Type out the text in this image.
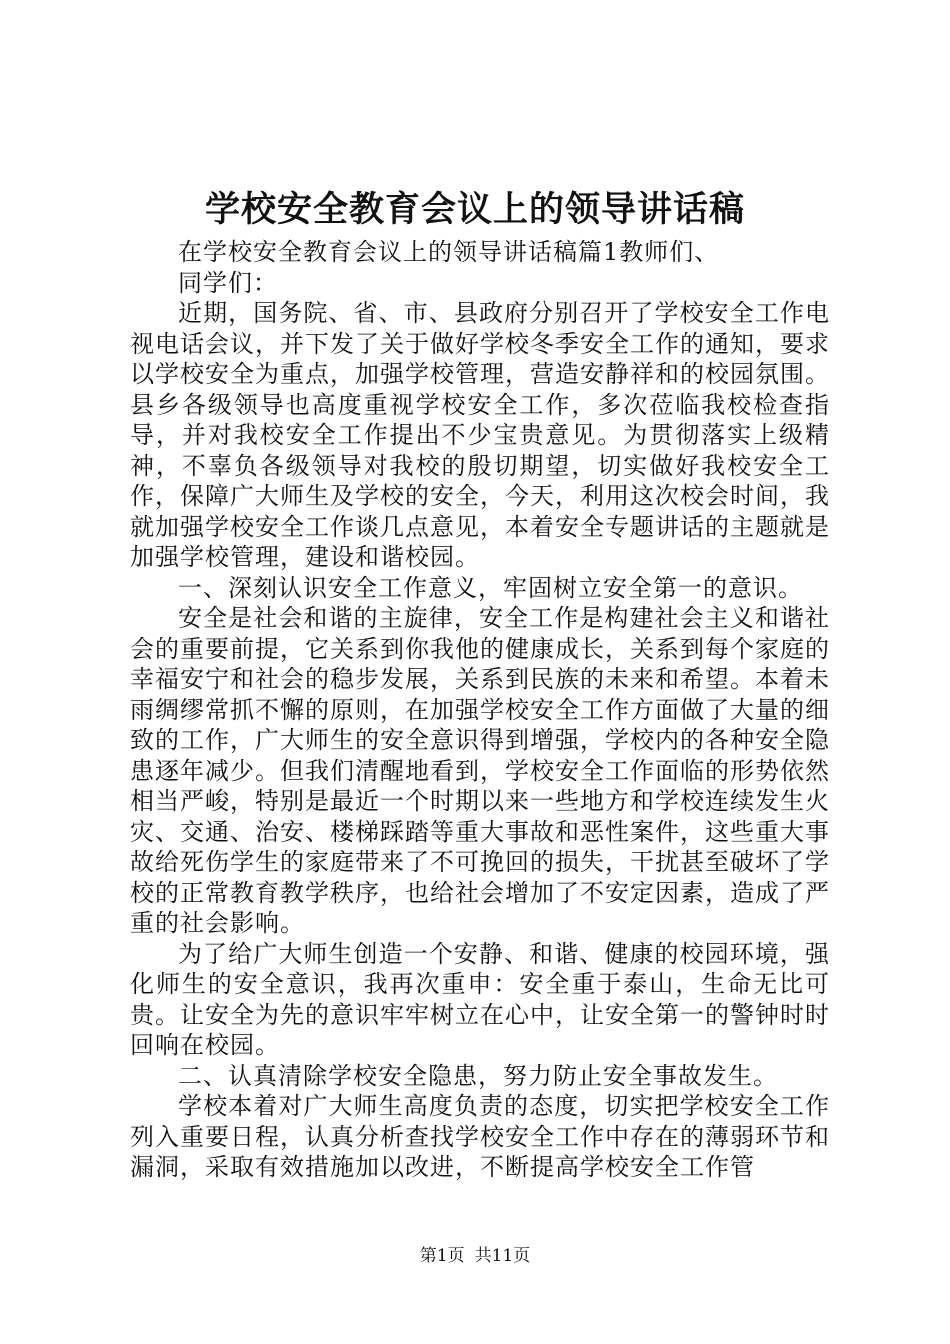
学校安全教育会议上的领导讲话稿

在学校安全教育会议上的领导讲话稿篇1教师们、

同学们：

近期，国务院、省、市、县政府分别召开了学校安全工作电视电话会议，并下发了关于做好学校冬季安全工作的通知，要求以学校安全为重点，加强学校管理，营造安静祥和的校园氛围。县乡各级领导也高度重视学校安全工作，多次莅临我校检查指导，并对我校安全工作提出不少宝贵意见。为贯彻落实上级精神，不辜负各级领导对我校的殷切期望，切实做好我校安全工作，保障广大师生及学校的安全，今天，利用这次校会时间，我就加强学校安全工作谈几点意见，本着安全专题讲话的主题就是加强学校管理，建设和谐校园。

一、深刻认识安全工作意义，牢固树立安全第一的意识。

安全是社会和谐的主旋律，安全工作是构建社会主义和谐社会的重要前提，它关系到你我他的健康成长，关系到每个家庭的幸福安宁和社会的稳步发展，关系到民族的未来和希望。本着未雨绸缪常抓不懈的原则，在加强学校安全工作方面做了大量的细致的工作，广大师生的安全意识得到增强，学校内的各种安全隐患逐年减少。但我们清醒地看到，学校安全工作面临的形势依然相当严峻，特别是最近一个时期以来一些地方和学校连续发生火灾、交通、治安、楼梯踩踏等重大事故和恶性案件，这些重大事故给死伤学生的家庭带来了不可挽回的损失，干扰甚至破坏了学校的正常教育教学秩序，也给社会增加了不安定因素，造成了严重的社会影响。

为了给广大师生创造一个安静、和谐、健康的校园环境，强化师生的安全意识，我再次重申：安全重于泰山，生命无比可贵。让安全为先的意识牢牢树立在心中，让安全第一的警钟时时回响在校园。

二、认真清除学校安全隐患，努力防止安全事故发生。

学校本着对广大师生高度负责的态度，切实把学校安全工作列入重要日程，认真分析查找学校安全工作中存在的薄弱环节和漏洞，采取有效措施加以改进，不断提高学校安全工作管

第1页 共11页
